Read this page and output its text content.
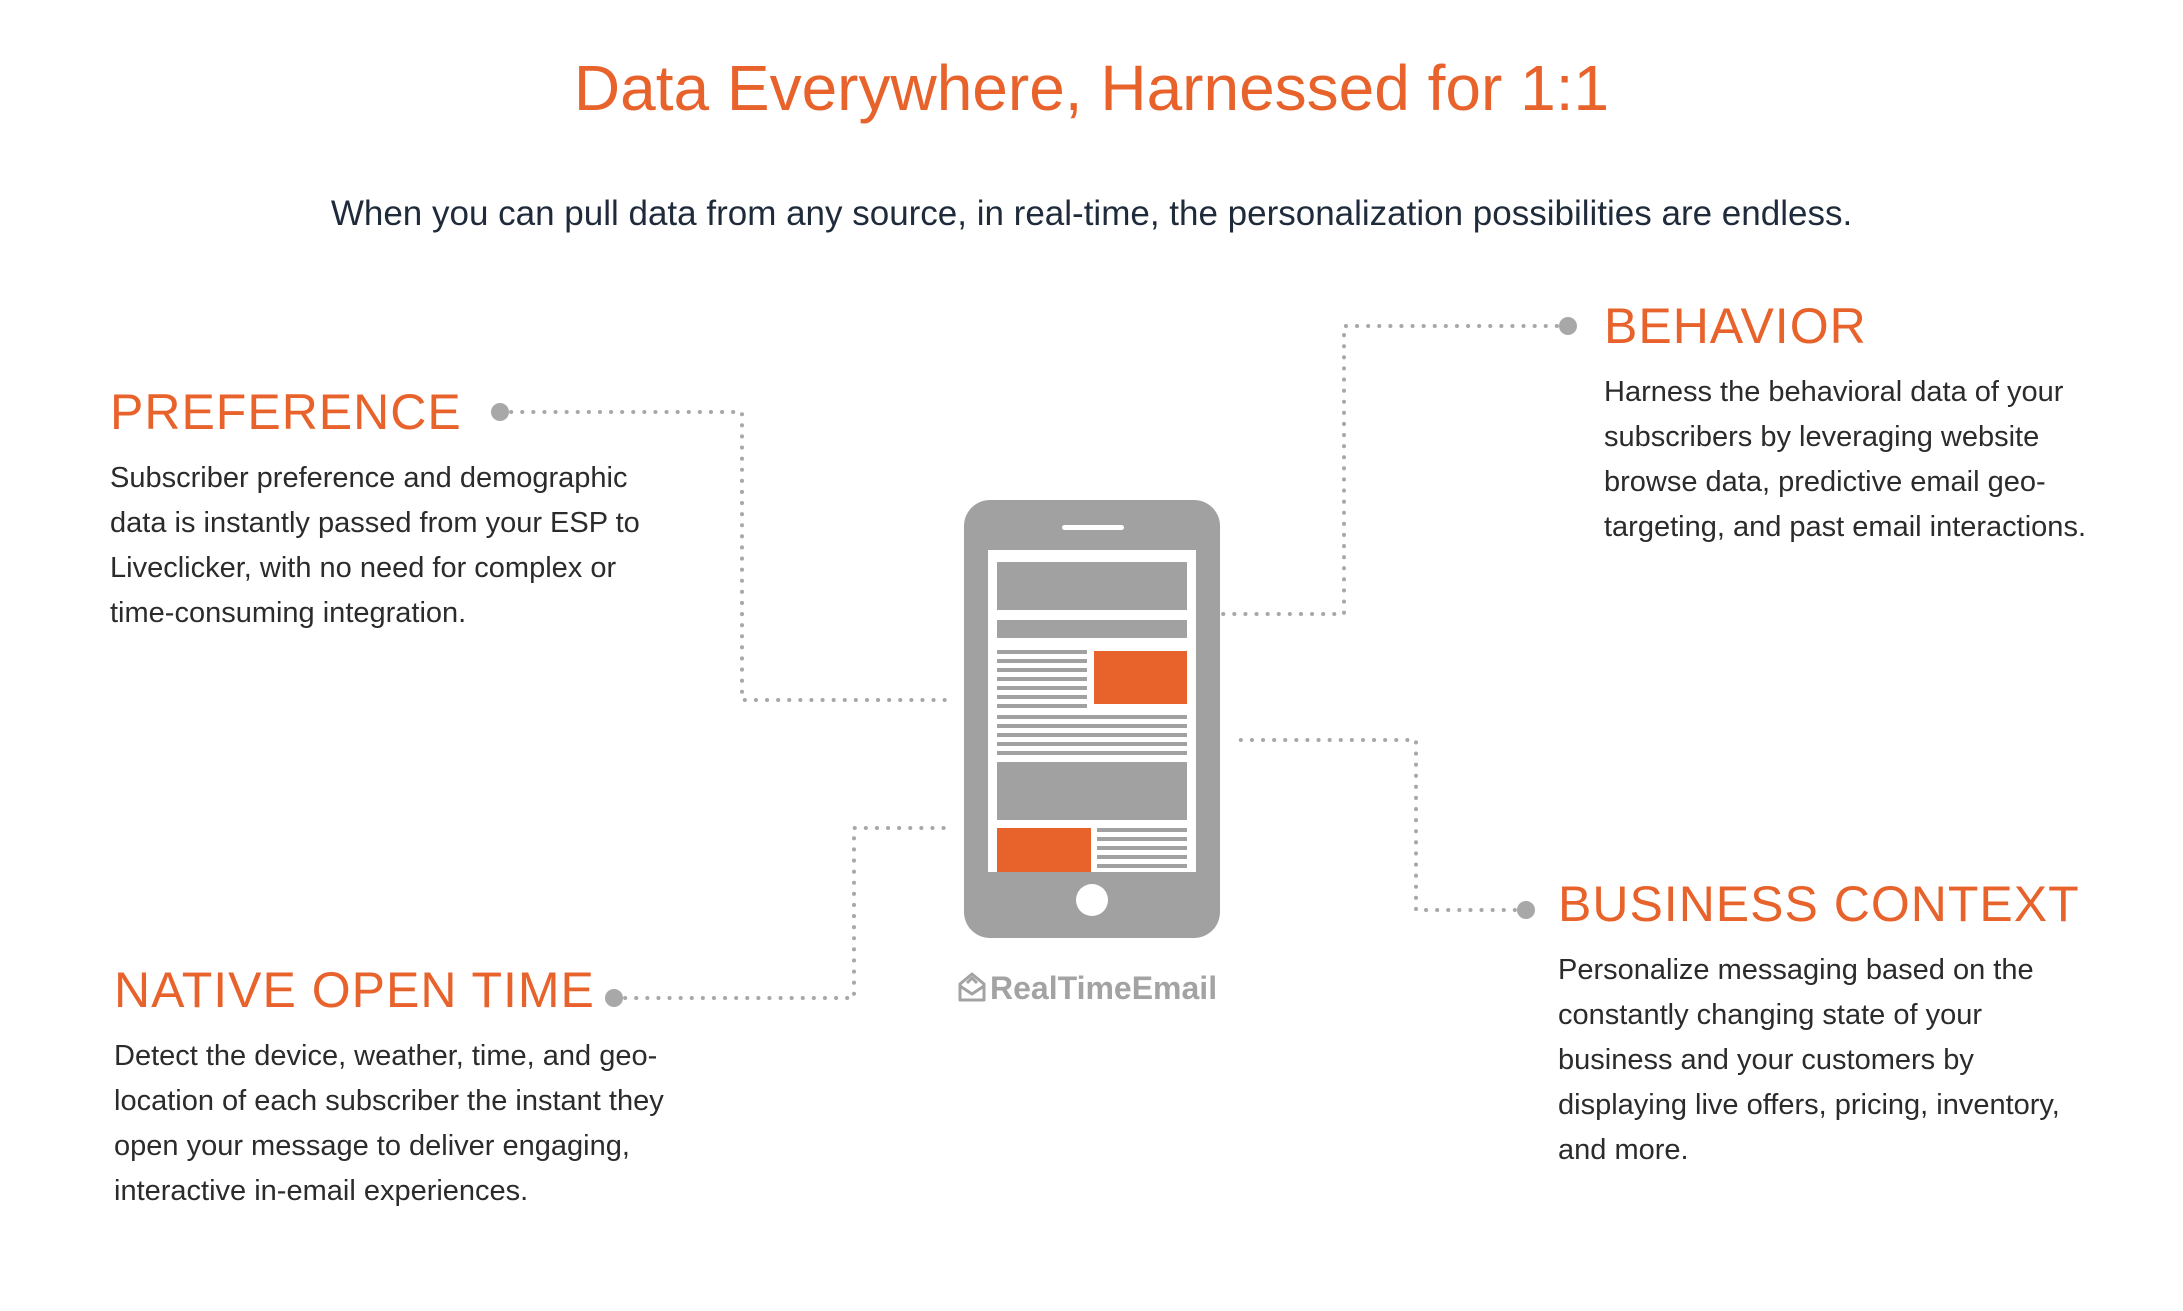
Data Everywhere, Harnessed for 1:1
When you can pull data from any source, in real-time, the personalization possibilities are endless.
PREFERENCE

Subscriber preference and demographic data is instantly passed from your ESP to Liveclicker, with no need for complex or time-consuming integration.

BEHAVIOR

Harness the behavioral data of your subscribers by leveraging website browse data, predictive email geo-targeting, and past email interactions.

NATIVE OPEN TIME

Detect the device, weather, time, and geo-location of each subscriber the instant they open your message to deliver engaging, interactive in-email experiences.

BUSINESS CONTEXT

Personalize messaging based on the constantly changing state of your business and your customers by displaying live offers, pricing, inventory, and more.

RealTimeEmail
